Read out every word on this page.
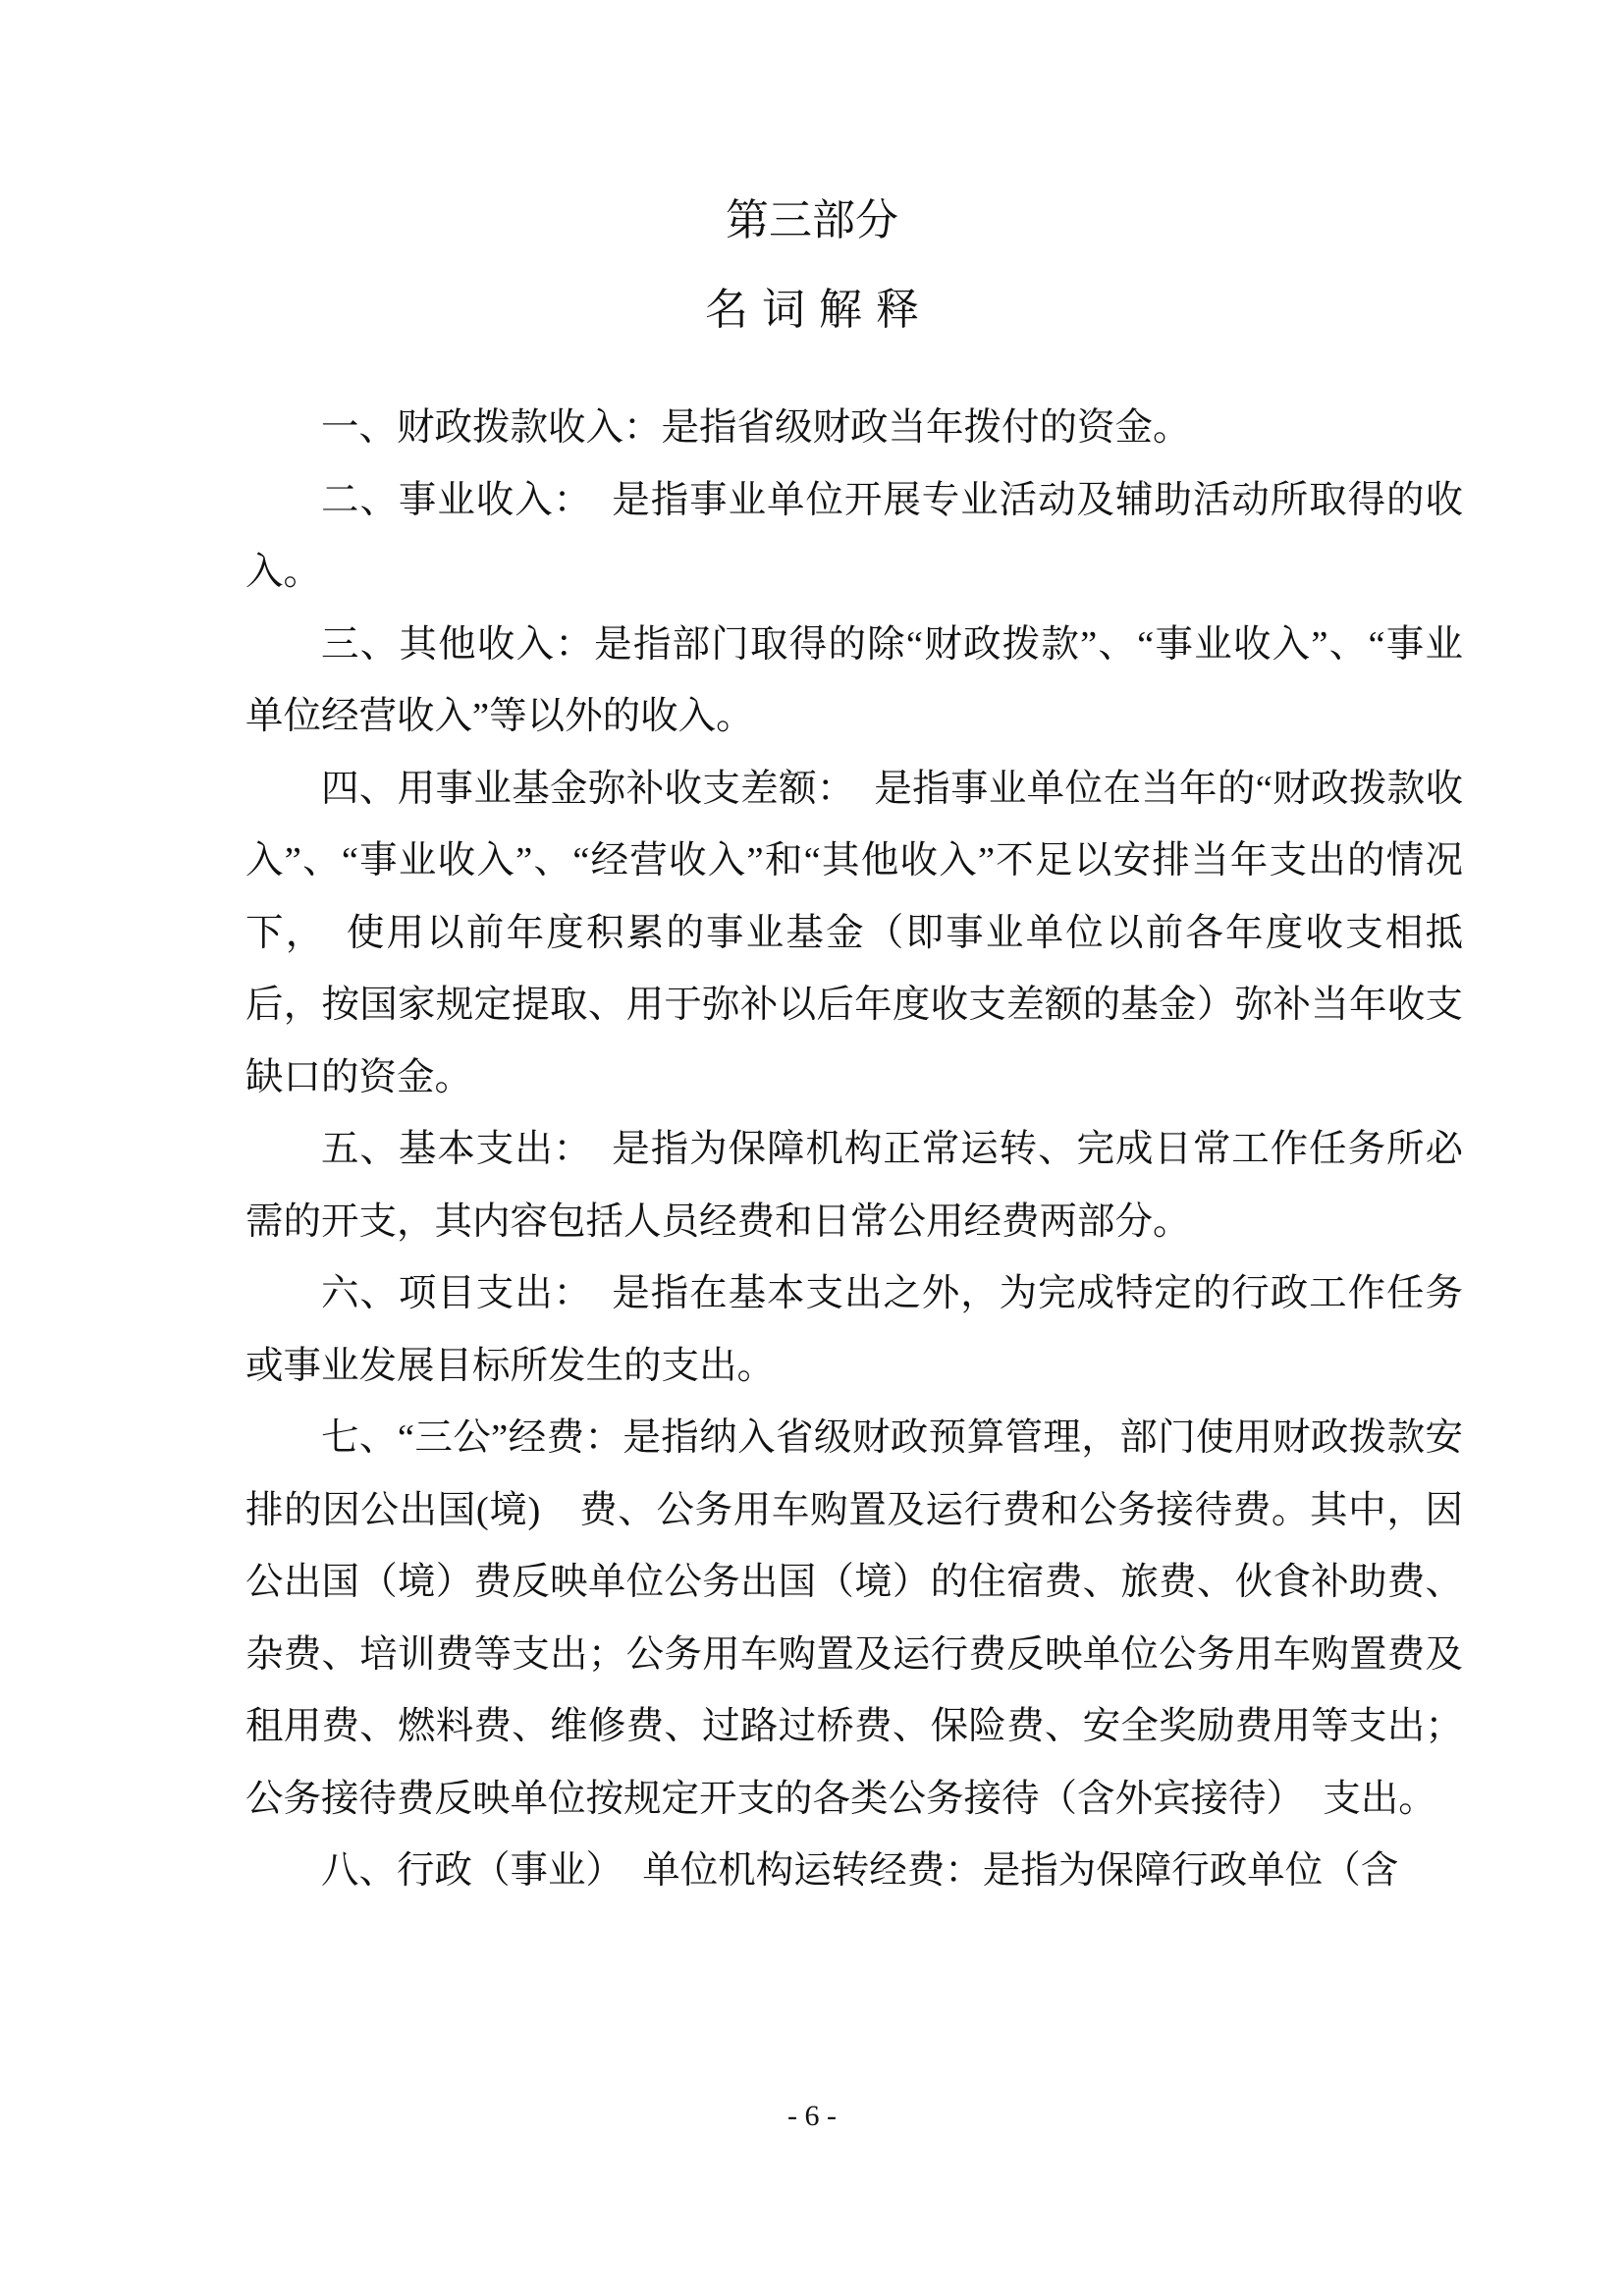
第三部分
名 词 解 释

一、财政拨款收入：是指省级财政当年拨付的资金。

二、事业收入：　是指事业单位开展专业活动及辅助活动所取得的收入。

三、其他收入：是指部门取得的除“财政拨款”、“事业收入”、“事业单位经营收入”等以外的收入。

四、用事业基金弥补收支差额：　是指事业单位在当年的“财政拨款收入”、“事业收入”、“经营收入”和“其他收入”不足以安排当年支出的情况下，　使用以前年度积累的事业基金（即事业单位以前各年度收支相抵后，按国家规定提取、用于弥补以后年度收支差额的基金）弥补当年收支缺口的资金。

五、基本支出：　是指为保障机构正常运转、完成日常工作任务所必需的开支，其内容包括人员经费和日常公用经费两部分。

六、项目支出：　是指在基本支出之外，为完成特定的行政工作任务或事业发展目标所发生的支出。

七、“三公”经费：是指纳入省级财政预算管理，部门使用财政拨款安排的因公出国(境)　费、公务用车购置及运行费和公务接待费。其中，因公出国（境）费反映单位公务出国（境）的住宿费、旅费、伙食补助费、杂费、培训费等支出；公务用车购置及运行费反映单位公务用车购置费及租用费、燃料费、维修费、过路过桥费、保险费、安全奖励费用等支出；公务接待费反映单位按规定开支的各类公务接待（含外宾接待）　支出。

八、行政（事业）　单位机构运转经费：是指为保障行政单位（含

- 6 -
